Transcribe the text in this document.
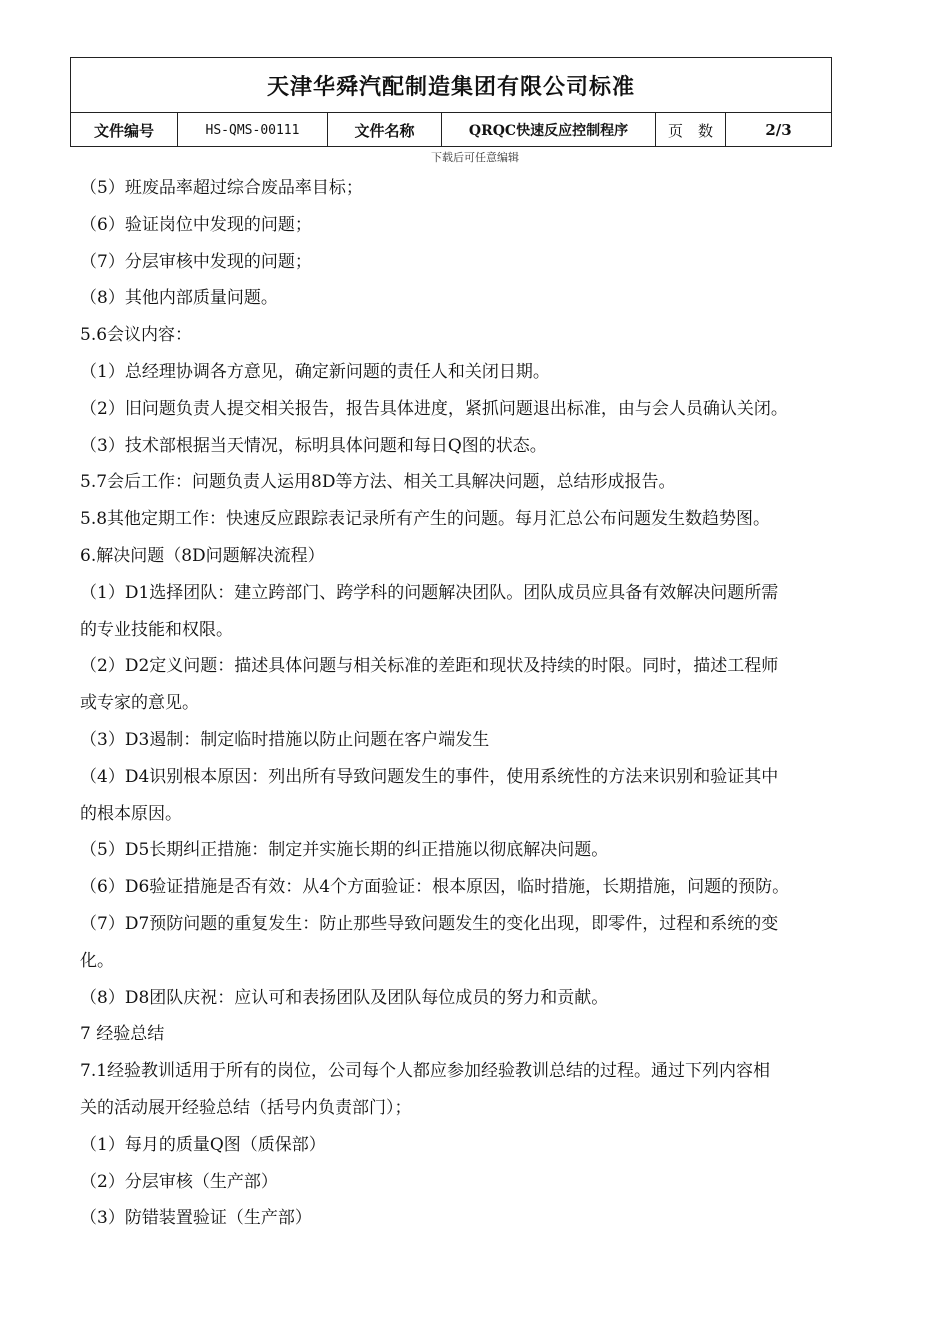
天津华舜汽配制造集团有限公司标准
文件编号	HS-QMS-00111	文件名称	QRQC快速反应控制程序	页　数	2/3
下载后可任意编辑
（5）班废品率超过综合废品率目标；
（6）验证岗位中发现的问题；
（7）分层审核中发现的问题；
（8）其他内部质量问题。
5.6会议内容：
（1）总经理协调各方意见，确定新问题的责任人和关闭日期。
（2）旧问题负责人提交相关报告，报告具体进度，紧抓问题退出标准，由与会人员确认关闭。
（3）技术部根据当天情况，标明具体问题和每日Q图的状态。
5.7会后工作：问题负责人运用8D等方法、相关工具解决问题，总结形成报告。
5.8其他定期工作：快速反应跟踪表记录所有产生的问题。每月汇总公布问题发生数趋势图。
6.解决问题（8D问题解决流程）
（1）D1选择团队：建立跨部门、跨学科的问题解决团队。团队成员应具备有效解决问题所需
的专业技能和权限。
（2）D2定义问题：描述具体问题与相关标准的差距和现状及持续的时限。同时，描述工程师
或专家的意见。
（3）D3遏制：制定临时措施以防止问题在客户端发生
（4）D4识别根本原因：列出所有导致问题发生的事件，使用系统性的方法来识别和验证其中
的根本原因。
（5）D5长期纠正措施：制定并实施长期的纠正措施以彻底解决问题。
（6）D6验证措施是否有效：从4个方面验证：根本原因，临时措施，长期措施，问题的预防。
（7）D7预防问题的重复发生：防止那些导致问题发生的变化出现，即零件，过程和系统的变
化。
（8）D8团队庆祝：应认可和表扬团队及团队每位成员的努力和贡献。
7 经验总结
7.1经验教训适用于所有的岗位，公司每个人都应参加经验教训总结的过程。通过下列内容相
关的活动展开经验总结（括号内负责部门）；
（1）每月的质量Q图（质保部）
（2）分层审核（生产部）
（3）防错装置验证（生产部）
